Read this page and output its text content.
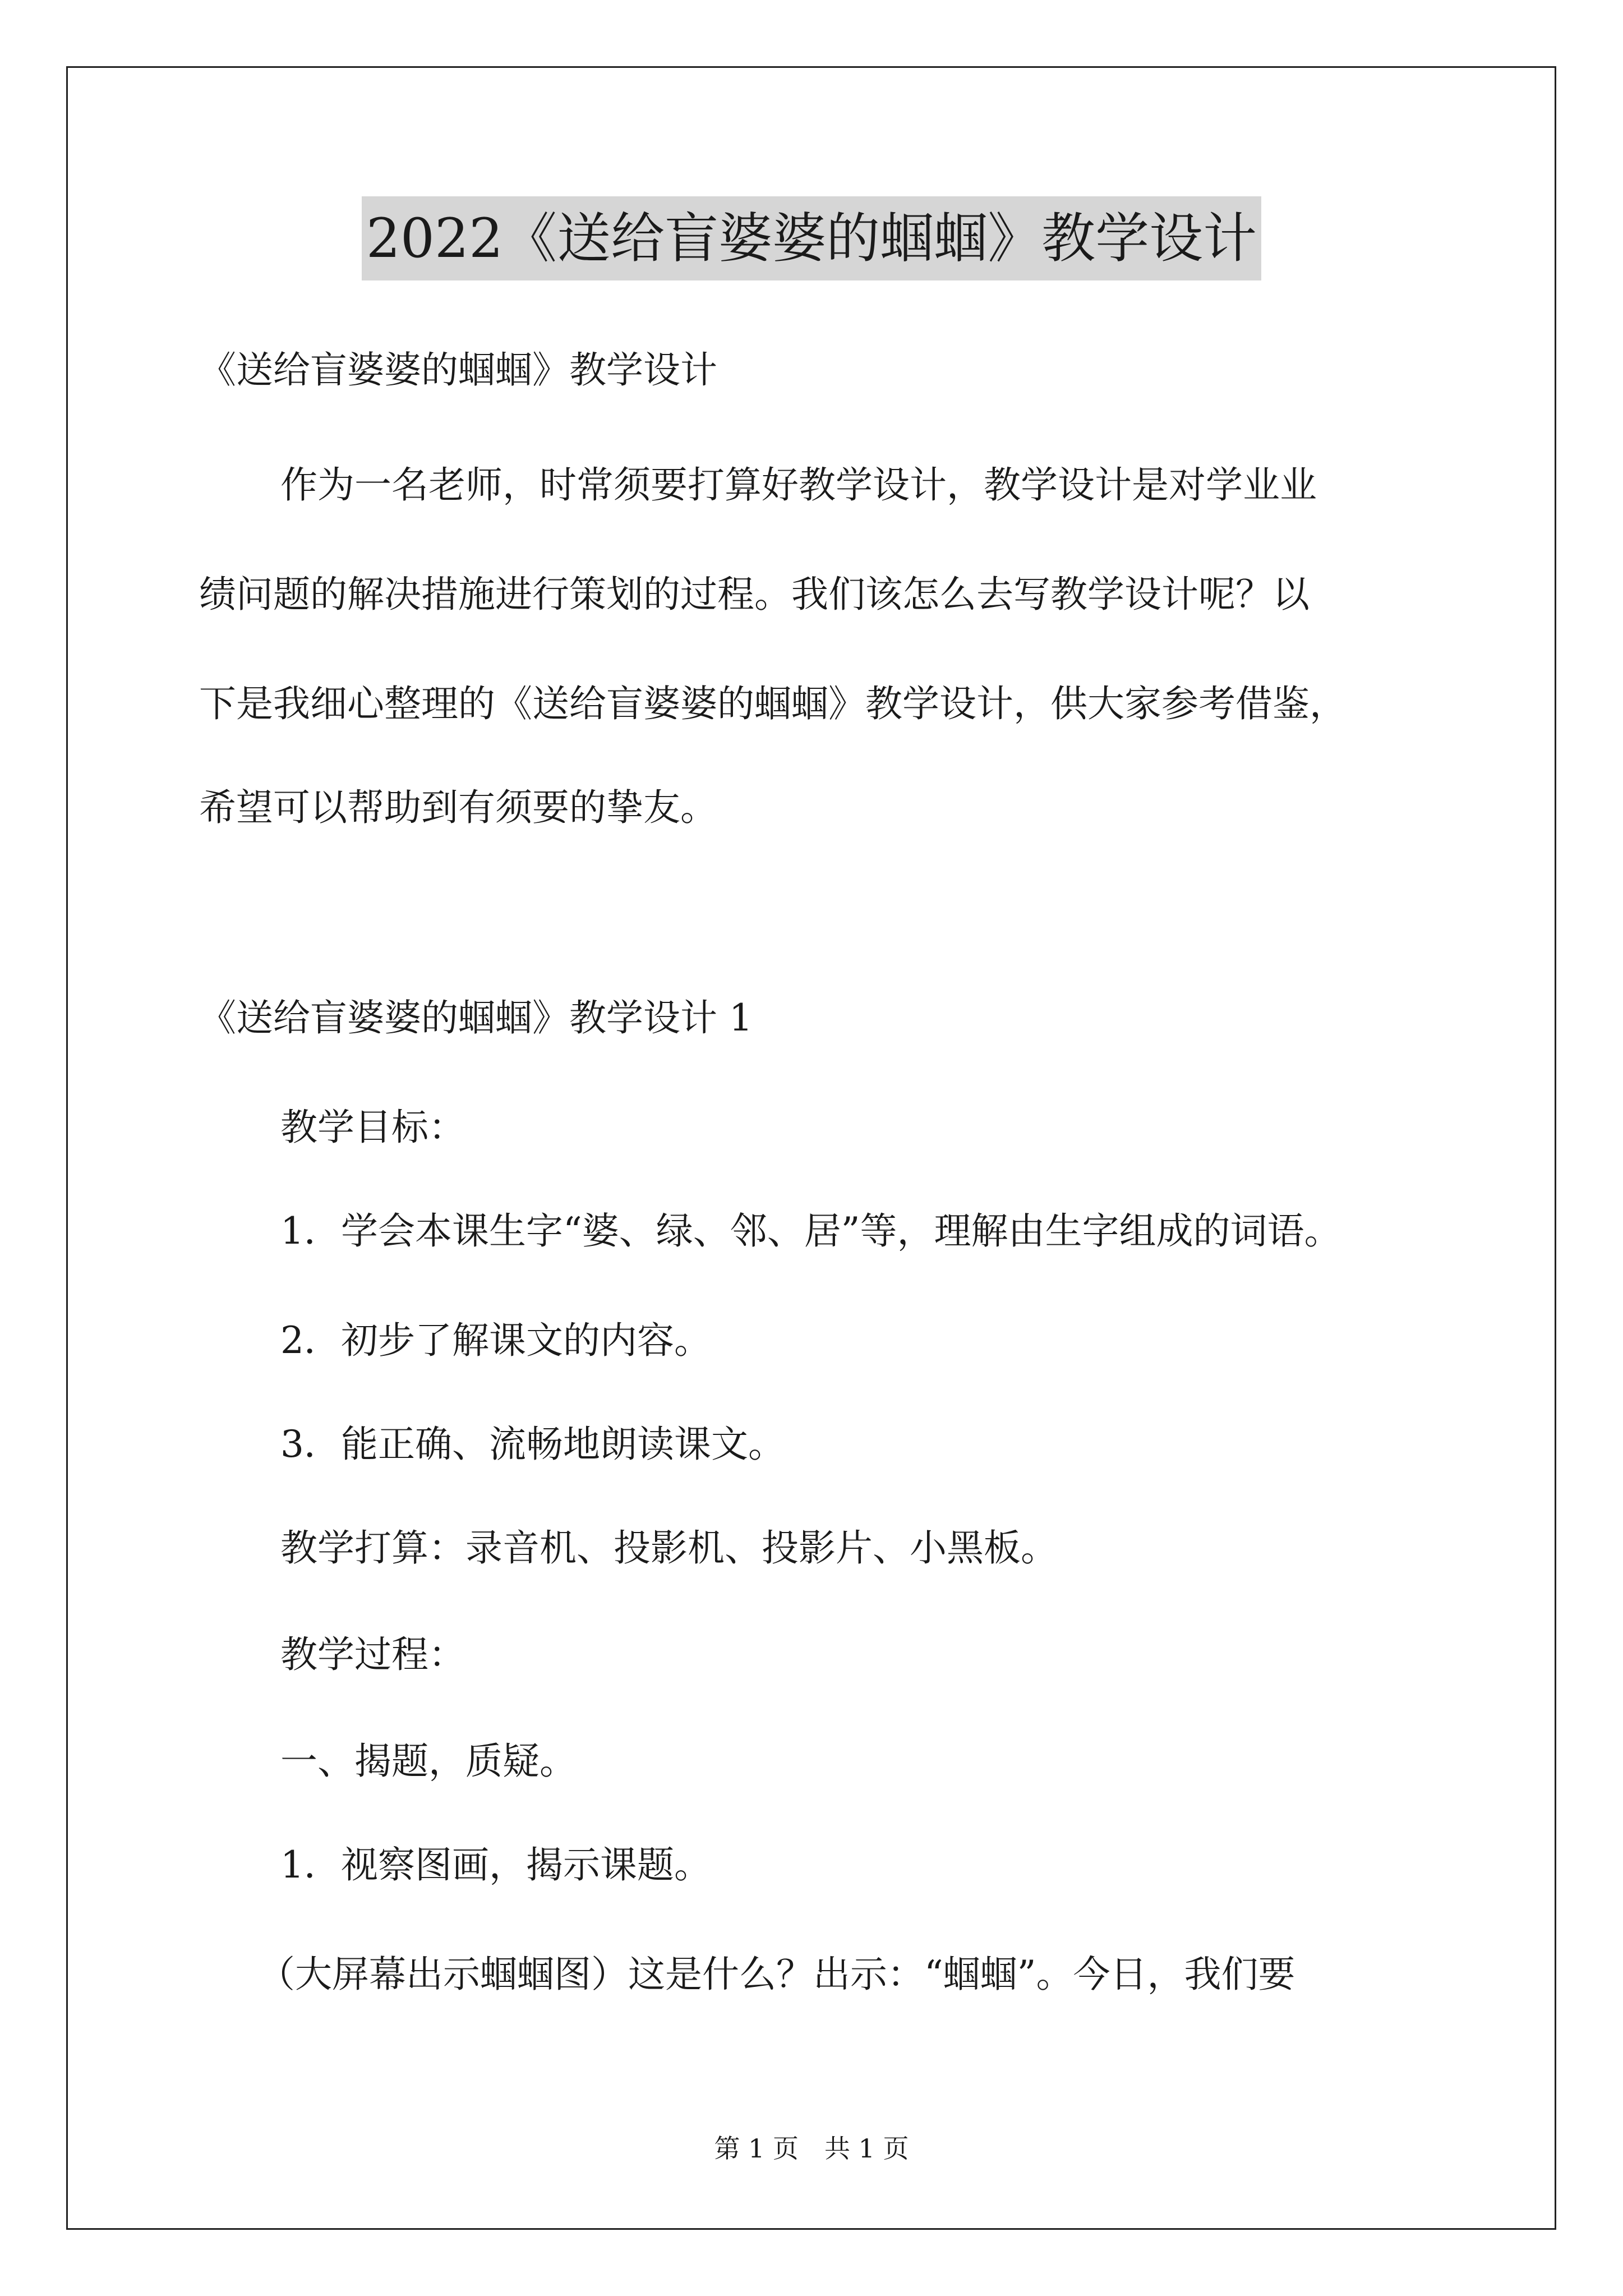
2022《送给盲婆婆的蝈蝈》教学设计
《送给盲婆婆的蝈蝈》教学设计
作为一名老师，时常须要打算好教学设计，教学设计是对学业业
绩问题的解决措施进行策划的过程。我们该怎么去写教学设计呢？以
下是我细心整理的《送给盲婆婆的蝈蝈》教学设计，供大家参考借鉴，
希望可以帮助到有须要的挚友。
《送给盲婆婆的蝈蝈》教学设计 1
教学目标：
1．学会本课生字“婆、绿、邻、居”等，理解由生字组成的词语。
2．初步了解课文的内容。
3．能正确、流畅地朗读课文。
教学打算：录音机、投影机、投影片、小黑板。
教学过程：
一、揭题，质疑。
1．视察图画，揭示课题。
（大屏幕出示蝈蝈图）这是什么？出示：“蝈蝈”。今日，我们要
第 1 页　共 1 页
